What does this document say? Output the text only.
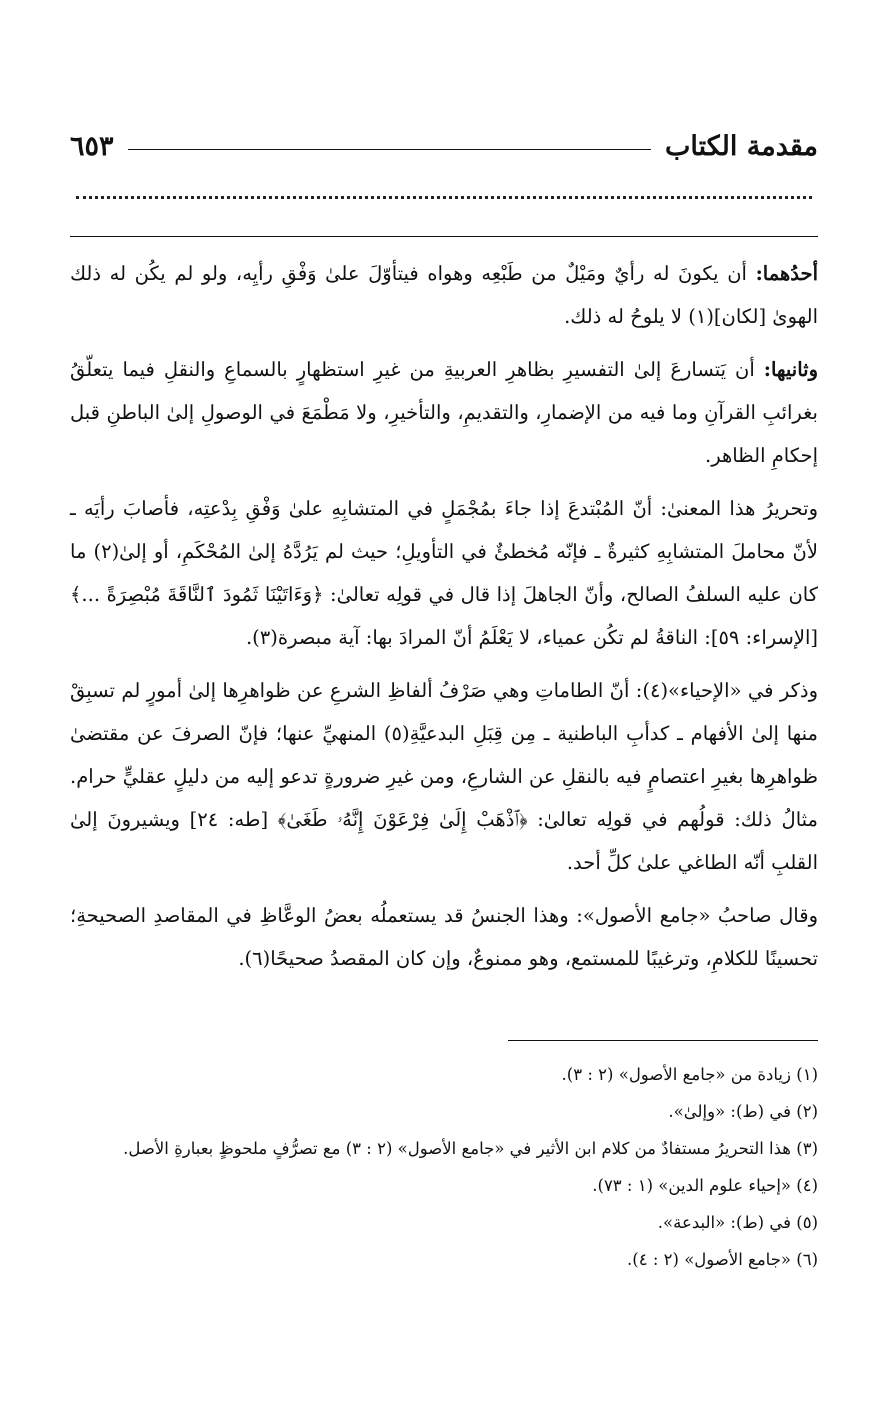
مقدمة الكتاب
٦٥٣

أحدُهما: أن يكونَ له رأيٌ ومَيْلٌ من طَبْعِه وهواه فيتأوّلَ علىٰ وَفْقِ رأيِه، ولو لم يكُن له ذلك الهوىٰ [لكان](١) لا يلوحُ له ذلك.

وثانيها: أن يَتسارعَ إلىٰ التفسيرِ بظاهرِ العربيةِ من غيرِ استظهارٍ بالسماعِ والنقلِ فيما يتعلّقُ بغرائبِ القرآنِ وما فيه من الإضمارِ، والتقديمِ، والتأخيرِ، ولا مَطْمَعَ في الوصولِ إلىٰ الباطنِ قبل إحكامِ الظاهر.

وتحريرُ هذا المعنىٰ: أنّ المُبْتدعَ إذا جاءَ بمُجْمَلٍ في المتشابِهِ علىٰ وَفْقِ بِدْعتِه، فأصابَ رأيَه ـ لأنّ محاملَ المتشابِهِ كثيرةٌ ـ فإنّه مُخطئٌ في التأويلِ؛ حيث لم يَرُدَّهُ إلىٰ المُحْكَمِ، أو إلىٰ(٢) ما كان عليه السلفُ الصالح، وأنّ الجاهلَ إذا قال في قولِه تعالىٰ: ﴿وَءَاتَيْنَا ثَمُودَ ٱلنَّاقَةَ مُبْصِرَةً ...﴾ [الإسراء: ٥٩]: الناقةُ لم تكُن عمياء، لا يَعْلَمُ أنّ المرادَ بها: آية مبصرة(٣).

وذكر في «الإحياء»(٤): أنّ الطاماتِ وهي صَرْفُ ألفاظِ الشرعِ عن ظواهرِها إلىٰ أمورٍ لم تسبِقْ منها إلىٰ الأفهام ـ كدأبِ الباطنية ـ مِن قِبَلِ البدعيَّةِ(٥) المنهيِّ عنها؛ فإنّ الصرفَ عن مقتضىٰ ظواهرِها بغيرِ اعتصامٍ فيه بالنقلِ عن الشارعِ، ومن غيرِ ضرورةٍ تدعو إليه من دليلٍ عقليٍّ حرام. مثالُ ذلك: قولُهم في قولِه تعالىٰ: ﴿ٱذْهَبْ إِلَىٰ فِرْعَوْنَ إِنَّهُۥ طَغَىٰ﴾ [طه: ٢٤] ويشيرونَ إلىٰ القلبِ أنّه الطاغي علىٰ كلِّ أحد.

وقال صاحبُ «جامع الأصول»: وهذا الجنسُ قد يستعملُه بعضُ الوعَّاظِ في المقاصدِ الصحيحةِ؛ تحسينًا للكلامِ، وترغيبًا للمستمع، وهو ممنوعٌ، وإن كان المقصدُ صحيحًا(٦).

(١) زيادة من «جامع الأصول» (٢ : ٣).
(٢) في (ط): «وإلىٰ».
(٣) هذا التحريرُ مستفادٌ من كلام ابن الأثير في «جامع الأصول» (٢ : ٣) مع تصرُّفٍ ملحوظٍ بعبارةِ الأصل.
(٤) «إحياء علوم الدين» (١ : ٧٣).
(٥) في (ط): «البدعة».
(٦) «جامع الأصول» (٢ : ٤).
